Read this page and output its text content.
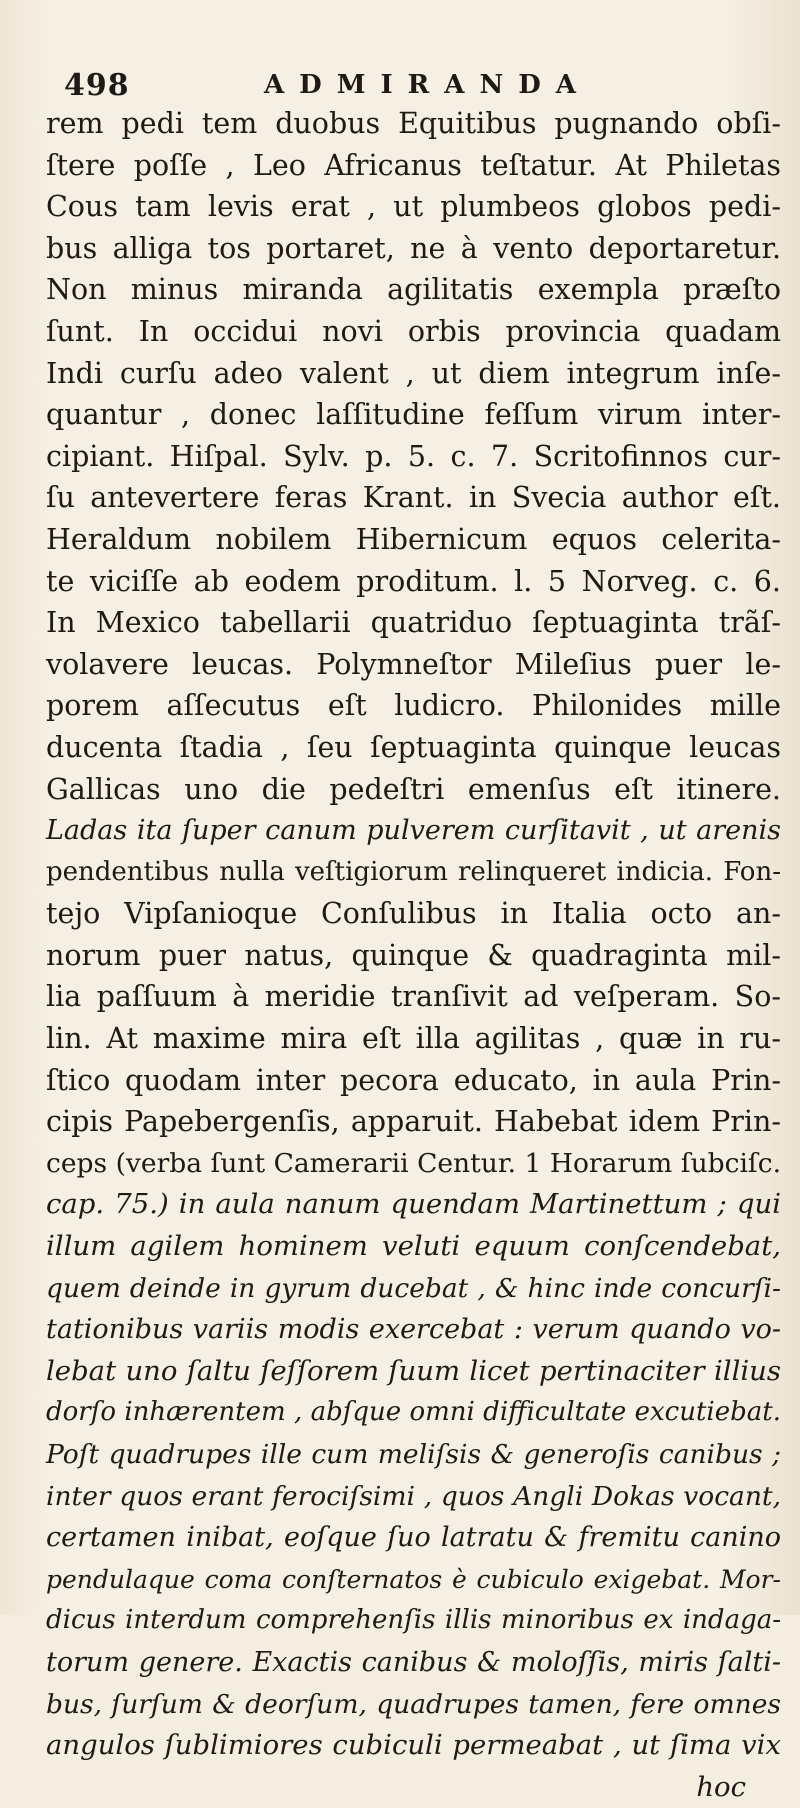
498	ADMIRANDA
rem pedi tem duobus Equitibus pugnando obſi-
ſtere poſſe , Leo Africanus teſtatur. At Philetas
Cous tam levis erat , ut plumbeos globos pedi-
bus alliga tos portaret, ne à vento deportaretur.
Non minus miranda agilitatis exempla præſto
ſunt. In occidui novi orbis provincia quadam
Indi curſu adeo valent , ut diem integrum inſe-
quantur , donec laſſitudine feſſum virum inter-
cipiant. Hiſpal. Sylv. p. 5. c. 7. Scritofinnos cur-
ſu antevertere feras Krant. in Svecia author eſt.
Heraldum nobilem Hibernicum equos celerita-
te viciſſe ab eodem proditum. l. 5 Norveg. c. 6.
In Mexico tabellarii quatriduo ſeptuaginta trãſ-
volavere leucas. Polymneſtor Mileſius puer le-
porem aſſecutus eſt ludicro. Philonides mille
ducenta ſtadia , ſeu ſeptuaginta quinque leucas
Gallicas uno die pedeſtri emenſus eſt itinere.
Ladas ita ſuper canum pulverem curſitavit , ut arenis
pendentibus nulla veſtigiorum relinqueret indicia. Fon-
tejo Vipſanioque Conſulibus in Italia octo an-
norum puer natus, quinque & quadraginta mil-
lia paſſuum à meridie tranſivit ad veſperam. So-
lin. At maxime mira eſt illa agilitas , quæ in ru-
ſtico quodam inter pecora educato, in aula Prin-
cipis Papebergenſis, apparuit. Habebat idem Prin-
ceps (verba ſunt Camerarii Centur. 1 Horarum ſubciſc.
cap. 75.) in aula nanum quendam Martinettum ; qui
illum agilem hominem veluti equum conſcendebat,
quem deinde in gyrum ducebat , & hinc inde concurſi-
tationibus variis modis exercebat : verum quando vo-
lebat uno ſaltu ſeſſorem ſuum licet pertinaciter illius
dorſo inhærentem , abſque omni difficultate excutiebat.
Poſt quadrupes ille cum meliſsis & generoſis canibus ;
inter quos erant ferociſsimi , quos Angli Dokas vocant,
certamen inibat, eoſque ſuo latratu & fremitu canino
pendulaque coma conſternatos è cubiculo exigebat. Mor-
dicus interdum comprehenſis illis minoribus ex indaga-
torum genere. Exactis canibus & moloſſis, miris ſalti-
bus, ſurſum & deorſum, quadrupes tamen, fere omnes
angulos ſublimiores cubiculi permeabat , ut ſima vix
hoc
